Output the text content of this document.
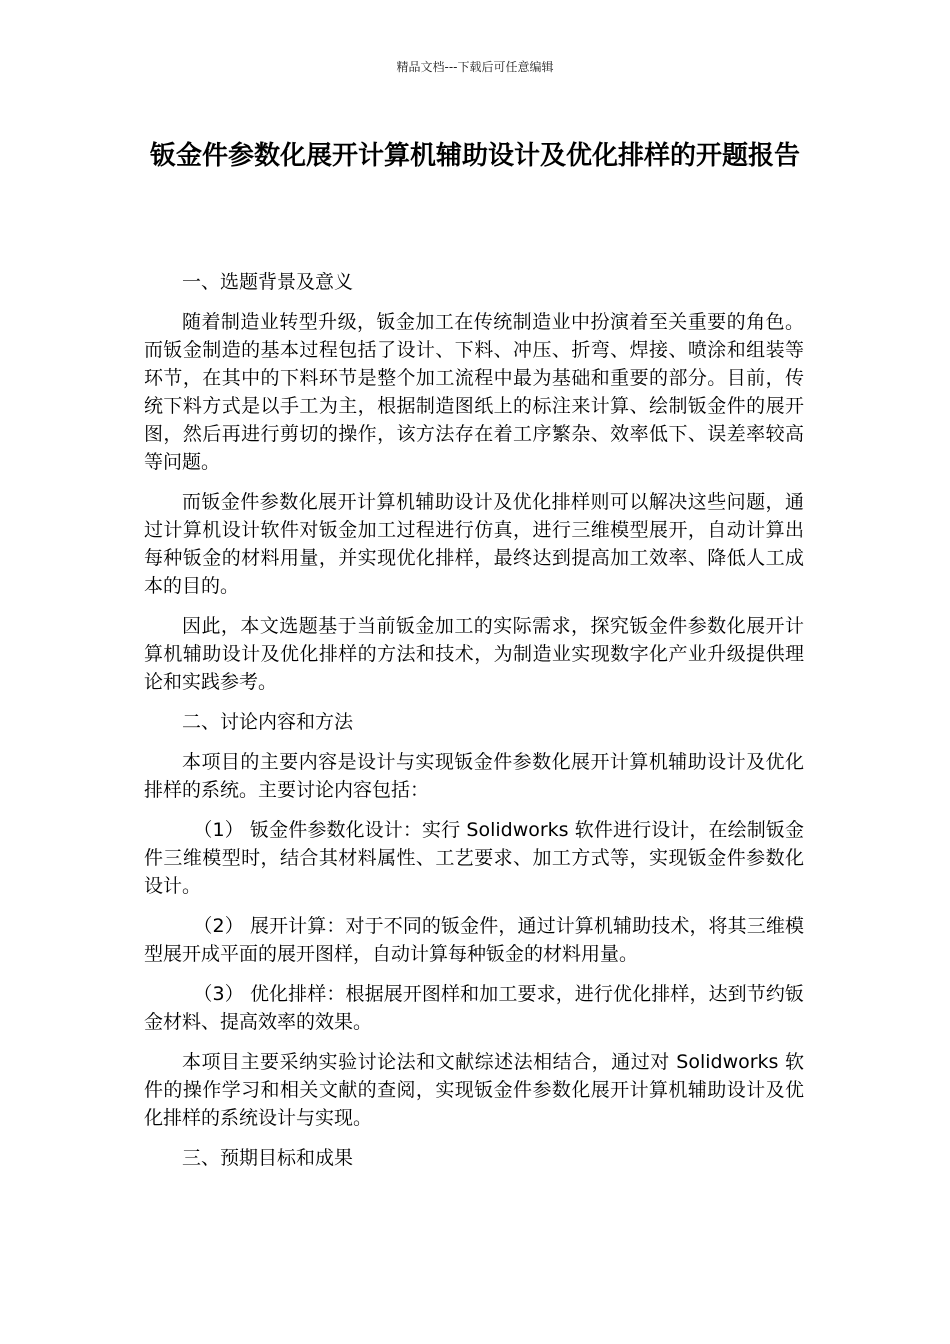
精品文档---下载后可任意编辑
钣金件参数化展开计算机辅助设计及优化排样的开题报告

一、选题背景及意义

随着制造业转型升级，钣金加工在传统制造业中扮演着至关重要的角色。而钣金制造的基本过程包括了设计、下料、冲压、折弯、焊接、喷涂和组装等环节，在其中的下料环节是整个加工流程中最为基础和重要的部分。目前，传统下料方式是以手工为主，根据制造图纸上的标注来计算、绘制钣金件的展开图，然后再进行剪切的操作，该方法存在着工序繁杂、效率低下、误差率较高等问题。

而钣金件参数化展开计算机辅助设计及优化排样则可以解决这些问题，通过计算机设计软件对钣金加工过程进行仿真，进行三维模型展开，自动计算出每种钣金的材料用量，并实现优化排样，最终达到提高加工效率、降低人工成本的目的。

因此，本文选题基于当前钣金加工的实际需求，探究钣金件参数化展开计算机辅助设计及优化排样的方法和技术，为制造业实现数字化产业升级提供理论和实践参考。

二、讨论内容和方法

本项目的主要内容是设计与实现钣金件参数化展开计算机辅助设计及优化排样的系统。主要讨论内容包括：

（1） 钣金件参数化设计：实行 Solidworks 软件进行设计，在绘制钣金件三维模型时，结合其材料属性、工艺要求、加工方式等，实现钣金件参数化设计。

（2） 展开计算：对于不同的钣金件，通过计算机辅助技术，将其三维模型展开成平面的展开图样，自动计算每种钣金的材料用量。

（3） 优化排样：根据展开图样和加工要求，进行优化排样，达到节约钣金材料、提高效率的效果。

本项目主要采纳实验讨论法和文献综述法相结合，通过对 Solidworks 软件的操作学习和相关文献的查阅，实现钣金件参数化展开计算机辅助设计及优化排样的系统设计与实现。

三、预期目标和成果
